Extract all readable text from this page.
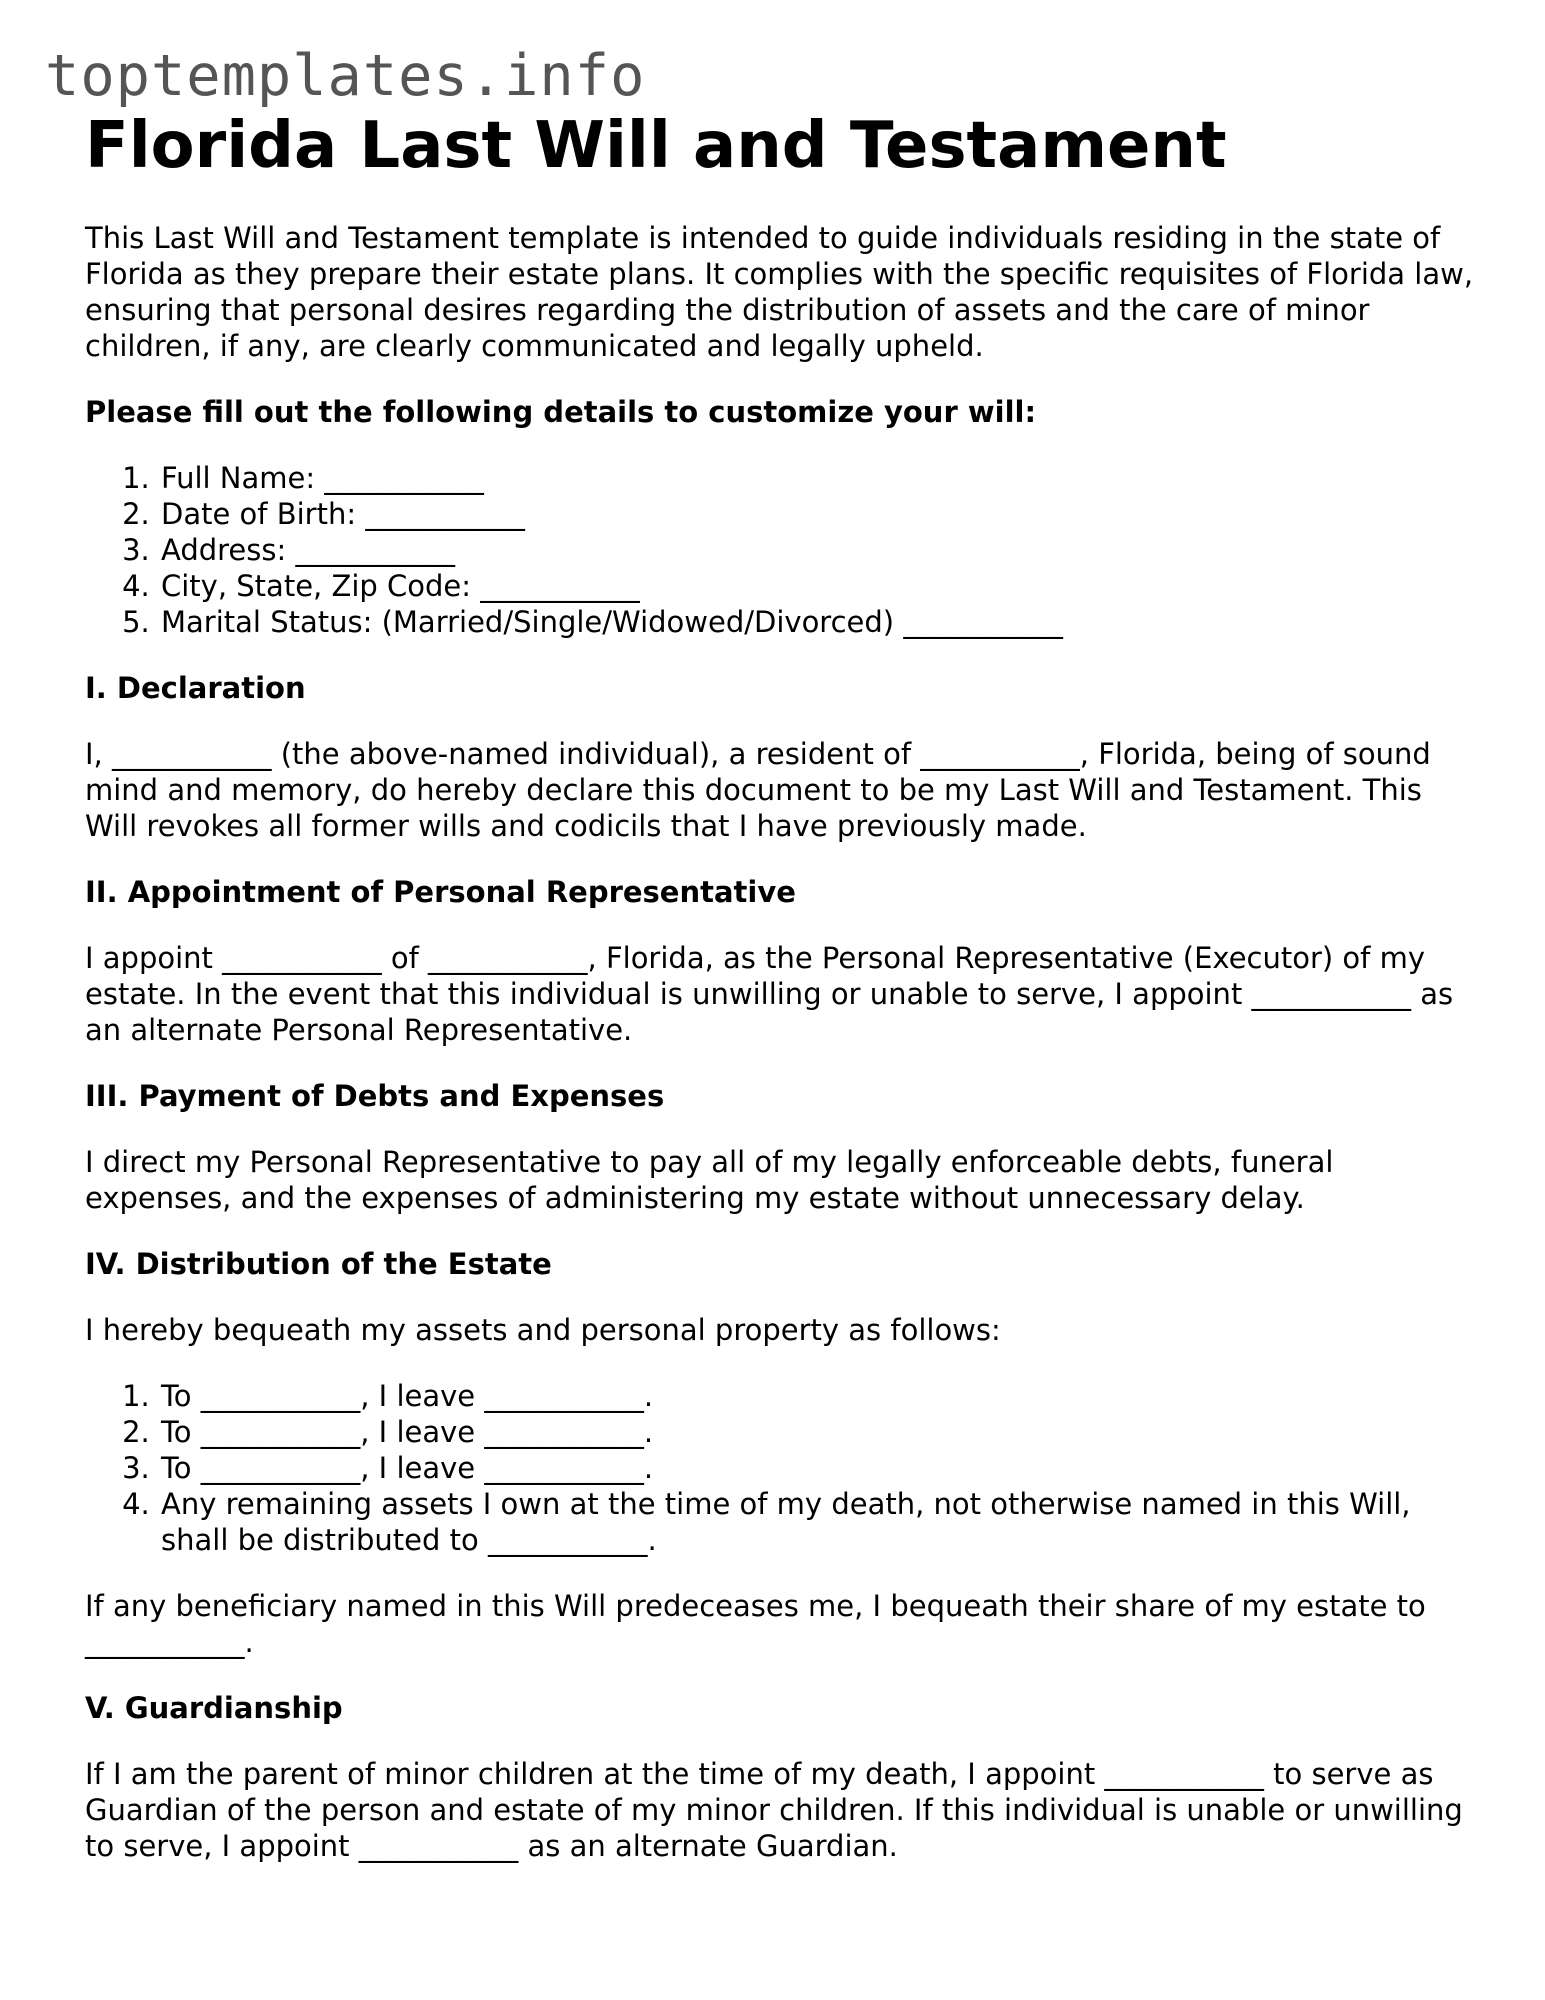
toptemplates.info
Florida Last Will and Testament

This Last Will and Testament template is intended to guide individuals residing in the state of Florida as they prepare their estate plans. It complies with the specific requisites of Florida law, ensuring that personal desires regarding the distribution of assets and the care of minor children, if any, are clearly communicated and legally upheld.

Please fill out the following details to customize your will:
1. Full Name: ___________
2. Date of Birth: ___________
3. Address: ___________
4. City, State, Zip Code: ___________
5. Marital Status: (Married/Single/Widowed/Divorced) ___________
I. Declaration

I, ___________ (the above-named individual), a resident of ___________, Florida, being of sound mind and memory, do hereby declare this document to be my Last Will and Testament. This Will revokes all former wills and codicils that I have previously made.

II. Appointment of Personal Representative

I appoint ___________ of ___________, Florida, as the Personal Representative (Executor) of my estate. In the event that this individual is unwilling or unable to serve, I appoint ___________ as an alternate Personal Representative.

III. Payment of Debts and Expenses

I direct my Personal Representative to pay all of my legally enforceable debts, funeral expenses, and the expenses of administering my estate without unnecessary delay.

IV. Distribution of the Estate

I hereby bequeath my assets and personal property as follows:

1. To ___________, I leave ___________.
2. To ___________, I leave ___________.
3. To ___________, I leave ___________.
4. Any remaining assets I own at the time of my death, not otherwise named in this Will, shall be distributed to ___________.

If any beneficiary named in this Will predeceases me, I bequeath their share of my estate to ___________.

V. Guardianship

If I am the parent of minor children at the time of my death, I appoint ___________ to serve as Guardian of the person and estate of my minor children. If this individual is unable or unwilling to serve, I appoint ___________ as an alternate Guardian.
